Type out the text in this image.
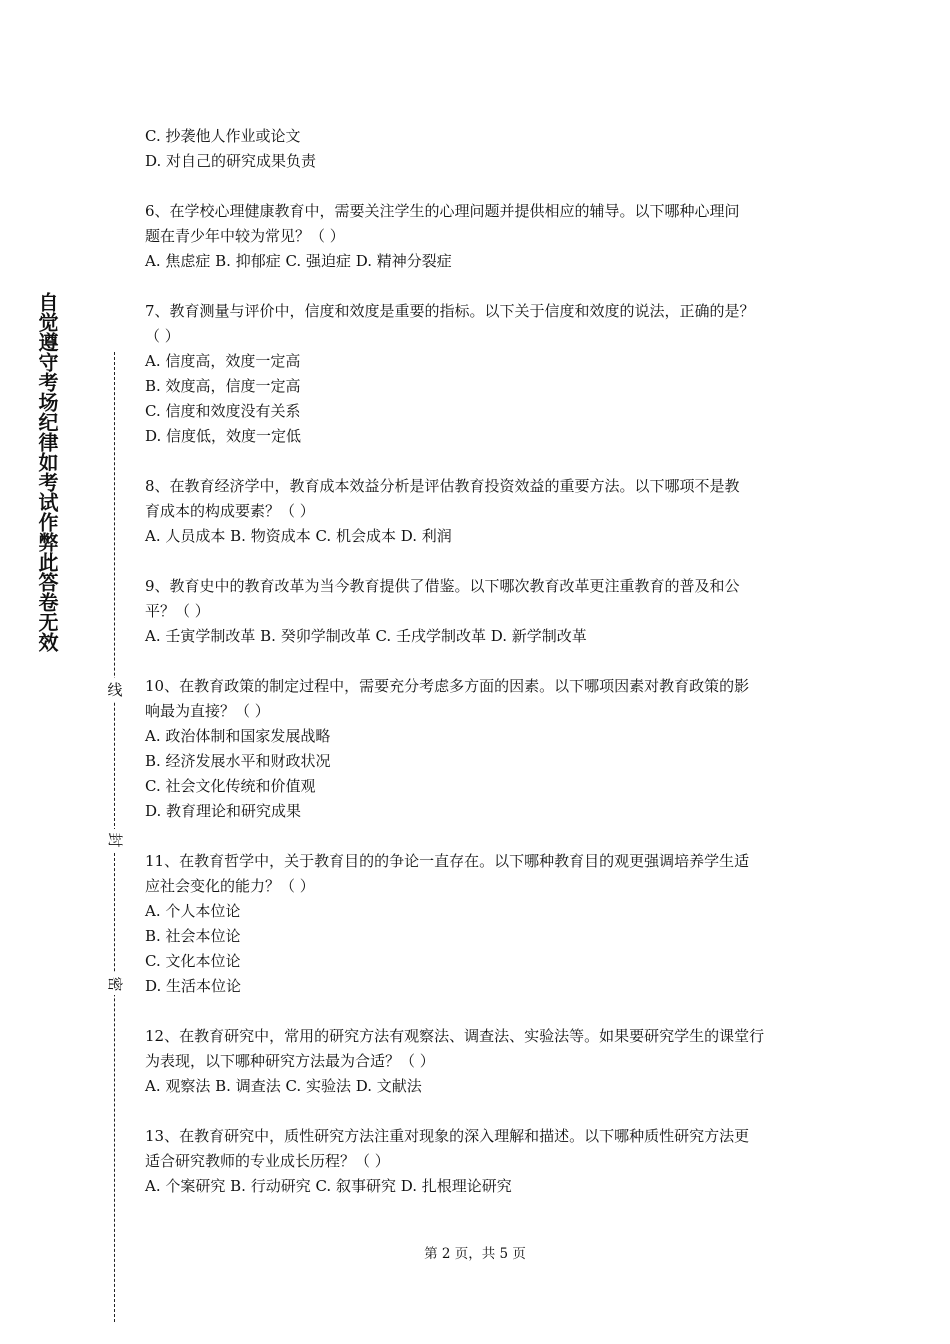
自觉遵守考场纪律如考试作弊此答卷无效
线
封
密
C. 抄袭他人作业或论文
D. 对自己的研究成果负责
6、在学校心理健康教育中，需要关注学生的心理问题并提供相应的辅导。以下哪种心理问
题在青少年中较为常见？（ ）
A. 焦虑症 B. 抑郁症 C. 强迫症 D. 精神分裂症
7、教育测量与评价中，信度和效度是重要的指标。以下关于信度和效度的说法，正确的是？
（ ）
A. 信度高，效度一定高
B. 效度高，信度一定高
C. 信度和效度没有关系
D. 信度低，效度一定低
8、在教育经济学中，教育成本效益分析是评估教育投资效益的重要方法。以下哪项不是教
育成本的构成要素？（ ）
A. 人员成本 B. 物资成本 C. 机会成本 D. 利润
9、教育史中的教育改革为当今教育提供了借鉴。以下哪次教育改革更注重教育的普及和公
平？（ ）
A. 壬寅学制改革 B. 癸卯学制改革 C. 壬戌学制改革 D. 新学制改革
10、在教育政策的制定过程中，需要充分考虑多方面的因素。以下哪项因素对教育政策的影
响最为直接？（ ）
A. 政治体制和国家发展战略
B. 经济发展水平和财政状况
C. 社会文化传统和价值观
D. 教育理论和研究成果
11、在教育哲学中，关于教育目的的争论一直存在。以下哪种教育目的观更强调培养学生适
应社会变化的能力？（ ）
A. 个人本位论
B. 社会本位论
C. 文化本位论
D. 生活本位论
12、在教育研究中，常用的研究方法有观察法、调查法、实验法等。如果要研究学生的课堂行
为表现，以下哪种研究方法最为合适？（ ）
A. 观察法 B. 调查法 C. 实验法 D. 文献法
13、在教育研究中，质性研究方法注重对现象的深入理解和描述。以下哪种质性研究方法更
适合研究教师的专业成长历程？（ ）
A. 个案研究 B. 行动研究 C. 叙事研究 D. 扎根理论研究
第 2 页，共 5 页
